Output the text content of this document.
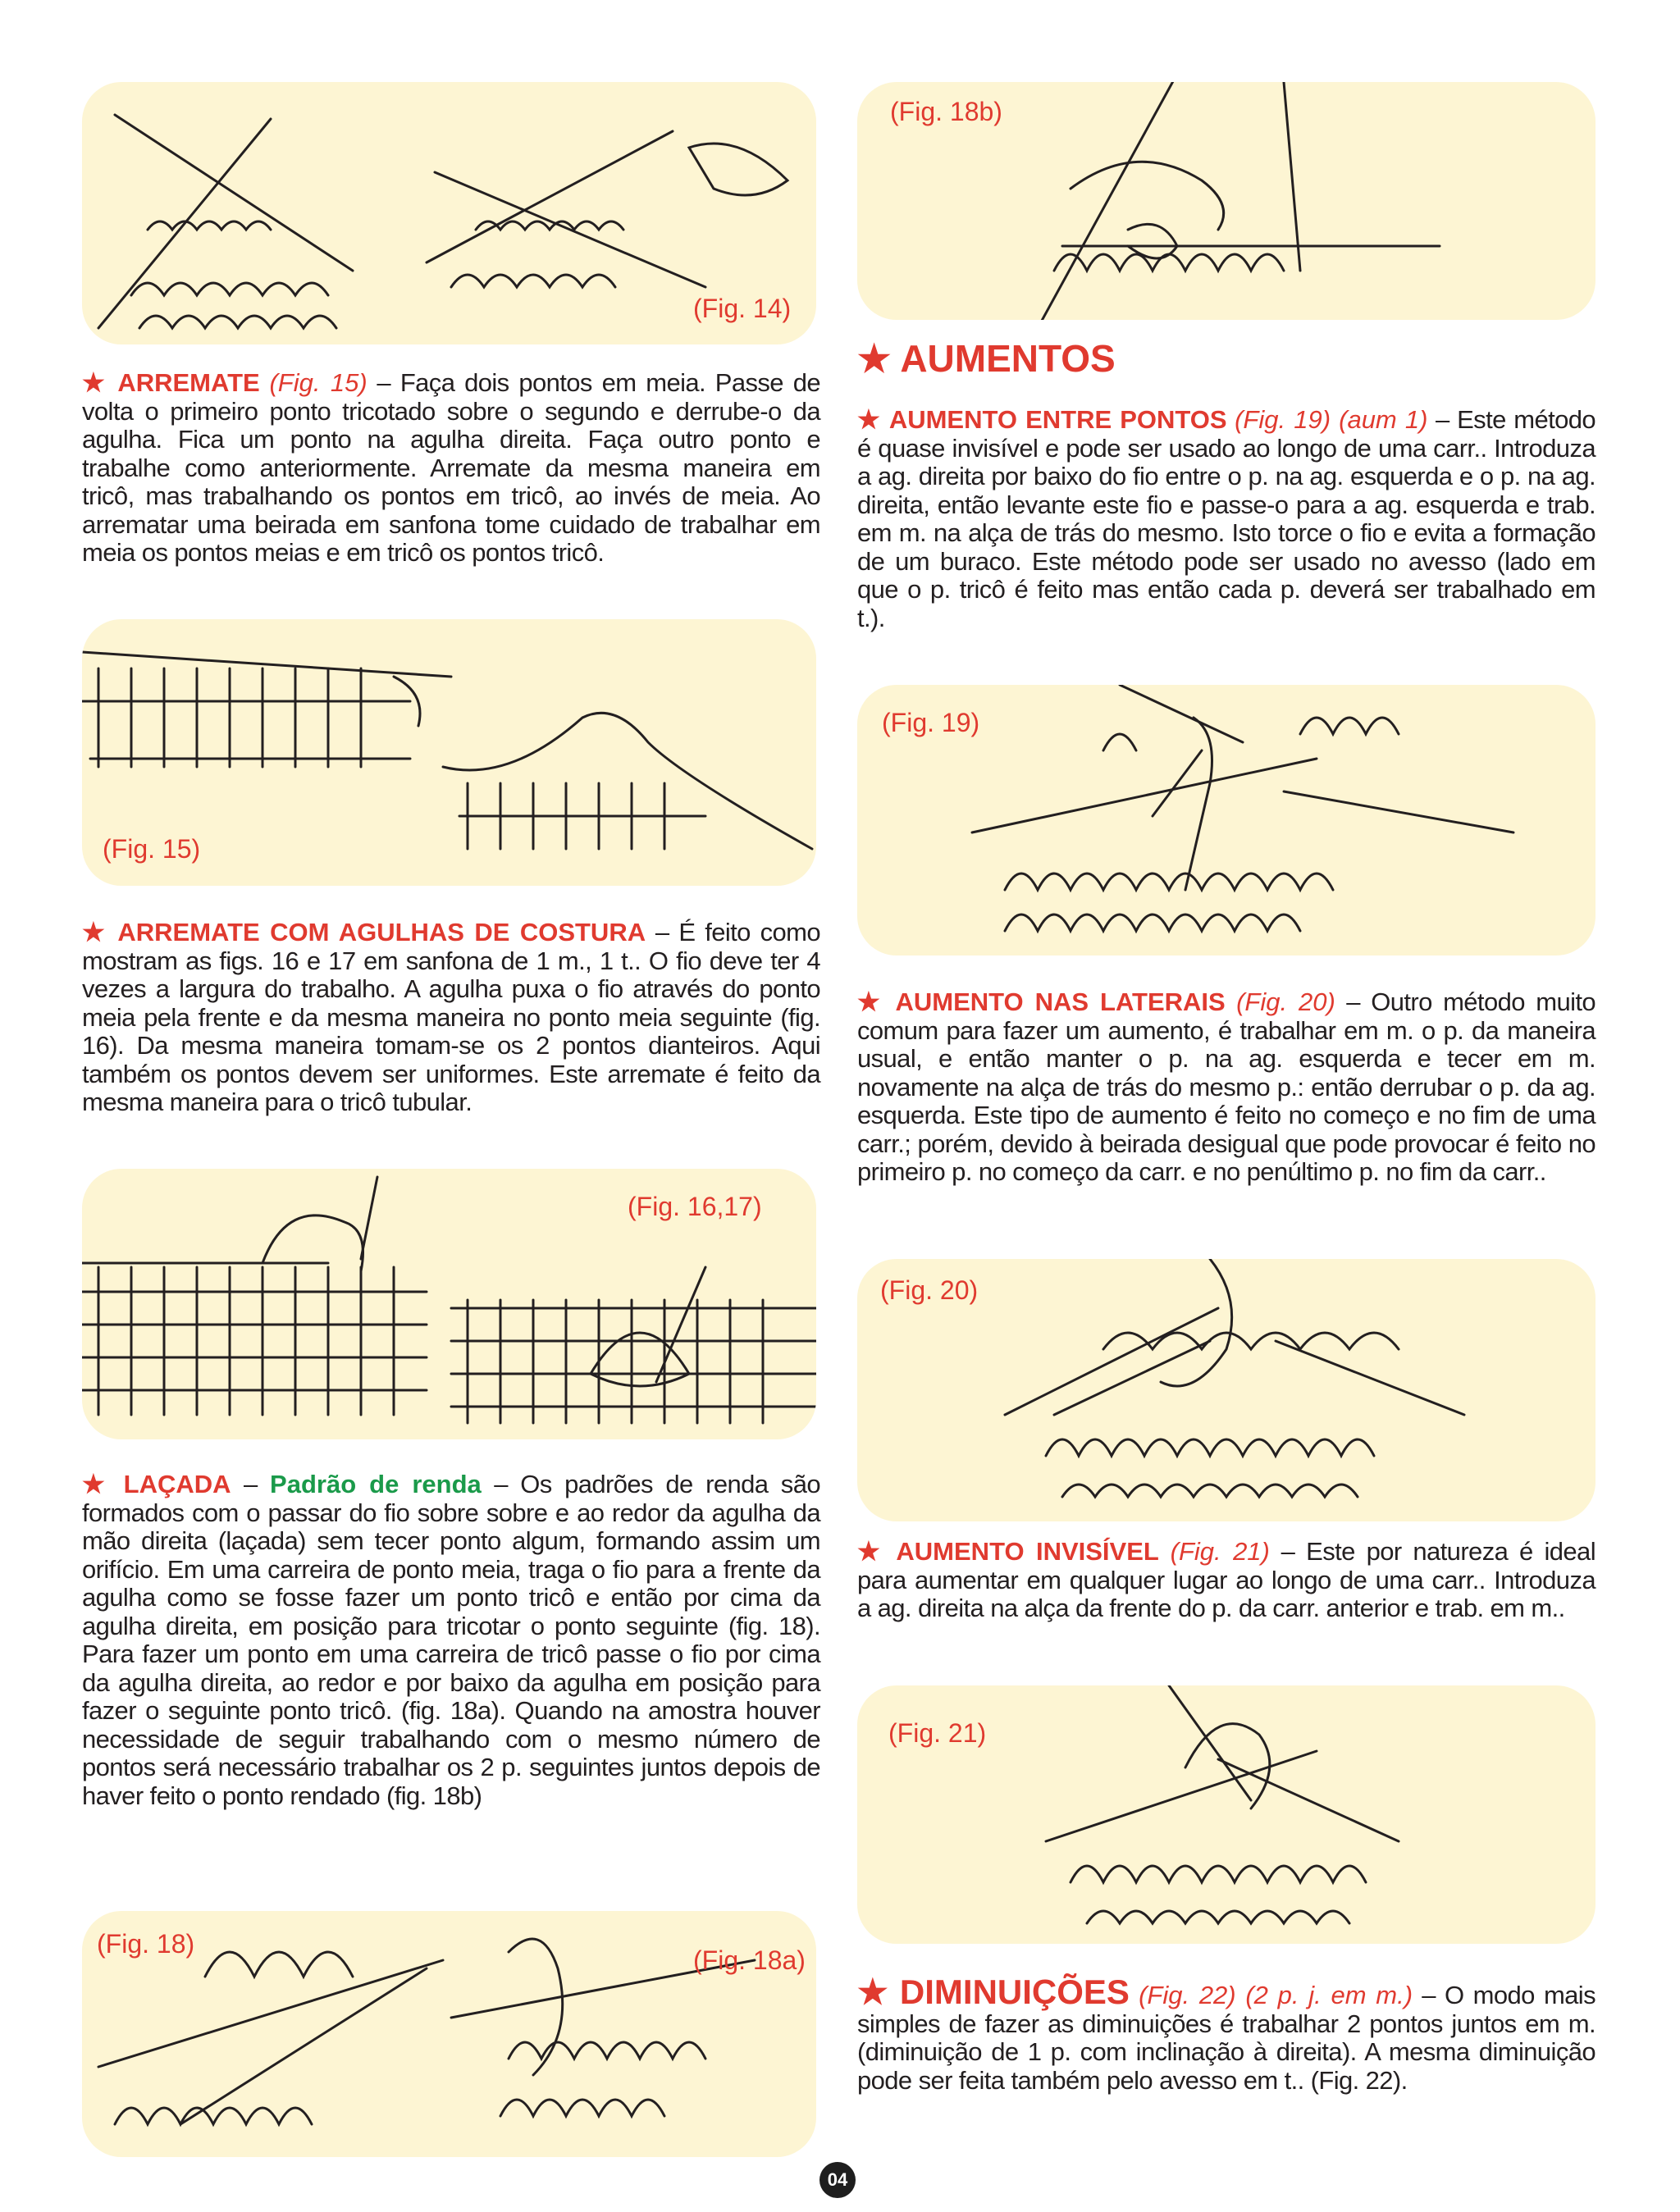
(Fig. 14)
★ ARREMATE (Fig. 15) – Faça dois pontos em meia. Passe de volta o primeiro ponto tricotado sobre o segundo e derrube-o da agulha. Fica um ponto na agulha direita. Faça outro ponto e trabalhe como anteriormente. Arremate da mesma maneira em tricô, mas trabalhando os pontos em tricô, ao invés de meia. Ao arrematar uma beirada em sanfona tome cuidado de trabalhar em meia os pontos meias e em tricô os pontos tricô.
(Fig. 15)
★ ARREMATE COM AGULHAS DE COSTURA – É feito como mostram as figs. 16 e 17 em sanfona de 1 m., 1 t.. O fio deve ter 4 vezes a largura do trabalho. A agulha puxa o fio através do ponto meia pela frente e da mesma maneira no ponto meia seguinte (fig. 16). Da mesma maneira tomam-se os 2 pontos dianteiros. Aqui também os pontos devem ser uniformes. Este arremate é feito da mesma maneira para o tricô tubular.
(Fig. 16,17)
★ LAÇADA – Padrão de renda – Os padrões de renda são formados com o passar do fio sobre sobre e ao redor da agulha da mão direita (laçada) sem tecer ponto algum, formando assim um orifício. Em uma carreira de ponto meia, traga o fio para a frente da agulha como se fosse fazer um ponto tricô e então por cima da agulha direita, em posição para tricotar o ponto seguinte (fig. 18). Para fazer um ponto em uma carreira de tricô passe o fio por cima da agulha direita, ao redor e por baixo da agulha em posição para fazer o seguinte ponto tricô. (fig. 18a). Quando na amostra houver necessidade de seguir trabalhando com o mesmo número de pontos será necessário trabalhar os 2 p. seguintes juntos depois de haver feito o ponto rendado (fig. 18b)
(Fig. 18)
(Fig. 18a)
(Fig. 18b)
★ AUMENTOS
★ AUMENTO ENTRE PONTOS (Fig. 19) (aum 1) – Este método é quase invisível e pode ser usado ao longo de uma carr.. Introduza a ag. direita por baixo do fio entre o p. na ag. esquerda e o p. na ag. direita, então levante este fio e passe-o para a ag. esquerda e trab. em m. na alça de trás do mesmo. Isto torce o fio e evita a formação de um buraco. Este método pode ser usado no avesso (lado em que o p. tricô é feito mas então cada p. deverá ser trabalhado em t.).
(Fig. 19)
★ AUMENTO NAS LATERAIS (Fig. 20) – Outro método muito comum para fazer um aumento, é trabalhar em m. o p. da maneira usual, e então manter o p. na ag. esquerda e tecer em m. novamente na alça de trás do mesmo p.: então derrubar o p. da ag. esquerda. Este tipo de aumento é feito no começo e no fim de uma carr.; porém, devido à beirada desigual que pode provocar é feito no primeiro p. no começo da carr. e no penúltimo p. no fim da carr..
(Fig. 20)
★ AUMENTO INVISÍVEL (Fig. 21) – Este por natureza é ideal para aumentar em qualquer lugar ao longo de uma carr.. Introduza a ag. direita na alça da frente do p. da carr. anterior e trab. em m..
(Fig. 21)
★ DIMINUIÇÕES (Fig. 22) (2 p. j. em m.) – O modo mais simples de fazer as diminuições é trabalhar 2 pontos juntos em m. (diminuição de 1 p. com inclinação à direita). A mesma diminuição pode ser feita também pelo avesso em t.. (Fig. 22).
04
